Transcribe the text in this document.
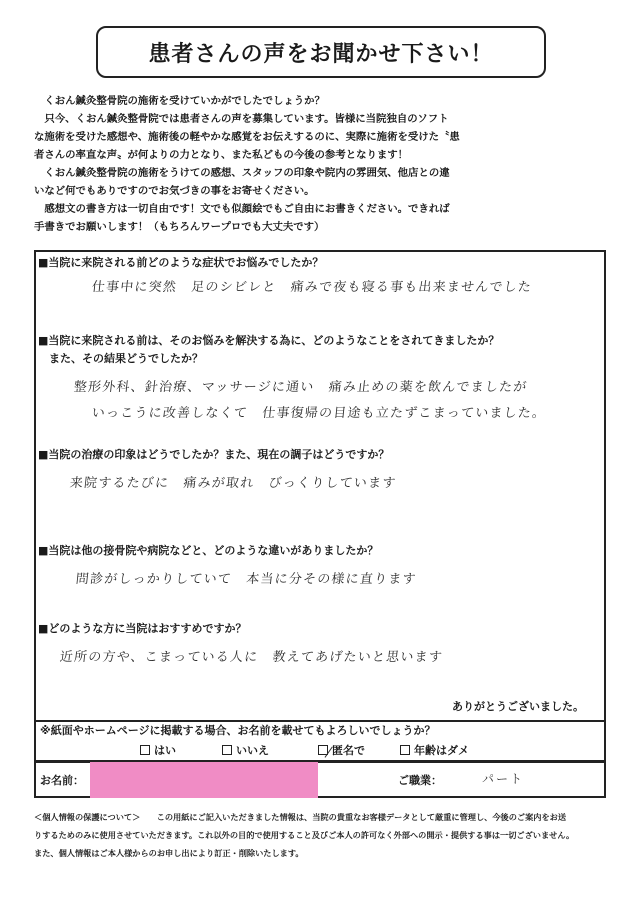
患者さんの声をお聞かせ下さい！

　くおん鍼灸整骨院の施術を受けていかがでしたでしょうか？

　只今、くおん鍼灸整骨院では患者さんの声を募集しています。皆様に当院独自のソフト

な施術を受けた感想や、施術後の軽やかな感覚をお伝えするのに、実際に施術を受けた〝患

者さんの率直な声〟が何よりの力となり、また私どもの今後の参考となります！

　くおん鍼灸整骨院の施術をうけての感想、スタッフの印象や院内の雰囲気、他店との違

いなど何でもありですのでお気づきの事をお寄せください。

　感想文の書き方は一切自由です！文でも似顔絵でもご自由にお書きください。できれば

手書きでお願いします！（もちろんワープロでも大丈夫です）

■当院に来院される前どのような症状でお悩みでしたか？
仕事中に突然　足のシビレと　痛みで夜も寝る事も出来ませんでした
■当院に来院される前は、そのお悩みを解決する為に、どのようなことをされてきましたか？
　また、その結果どうでしたか？
整形外科、針治療、マッサージに通い　痛み止めの薬を飲んでましたが
いっこうに改善しなくて　仕事復帰の目途も立たずこまっていました。
■当院の治療の印象はどうでしたか？また、現在の調子はどうですか？
来院するたびに　痛みが取れ　びっくりしています
■当院は他の接骨院や病院などと、どのような違いがありましたか？
問診がしっかりしていて　本当に分その様に直ります
■どのような方に当院はおすすめですか？
近所の方や、こまっている人に　教えてあげたいと思います
ありがとうございました。
※紙面やホームページに掲載する場合、お名前を載せてもよろしいでしょうか？
はい	いいえ	匿名で	年齢はダメ
お名前：	ご職業：	パート

＜個人情報の保護について＞　　この用紙にご記入いただきました情報は、当院の貴重なお客様データとして厳重に管理し、今後のご案内をお送

りするためのみに使用させていただきます。これ以外の目的で使用すること及びご本人の許可なく外部への開示・提供する事は一切ございません。

また、個人情報はご本人様からのお申し出により訂正・削除いたします。
